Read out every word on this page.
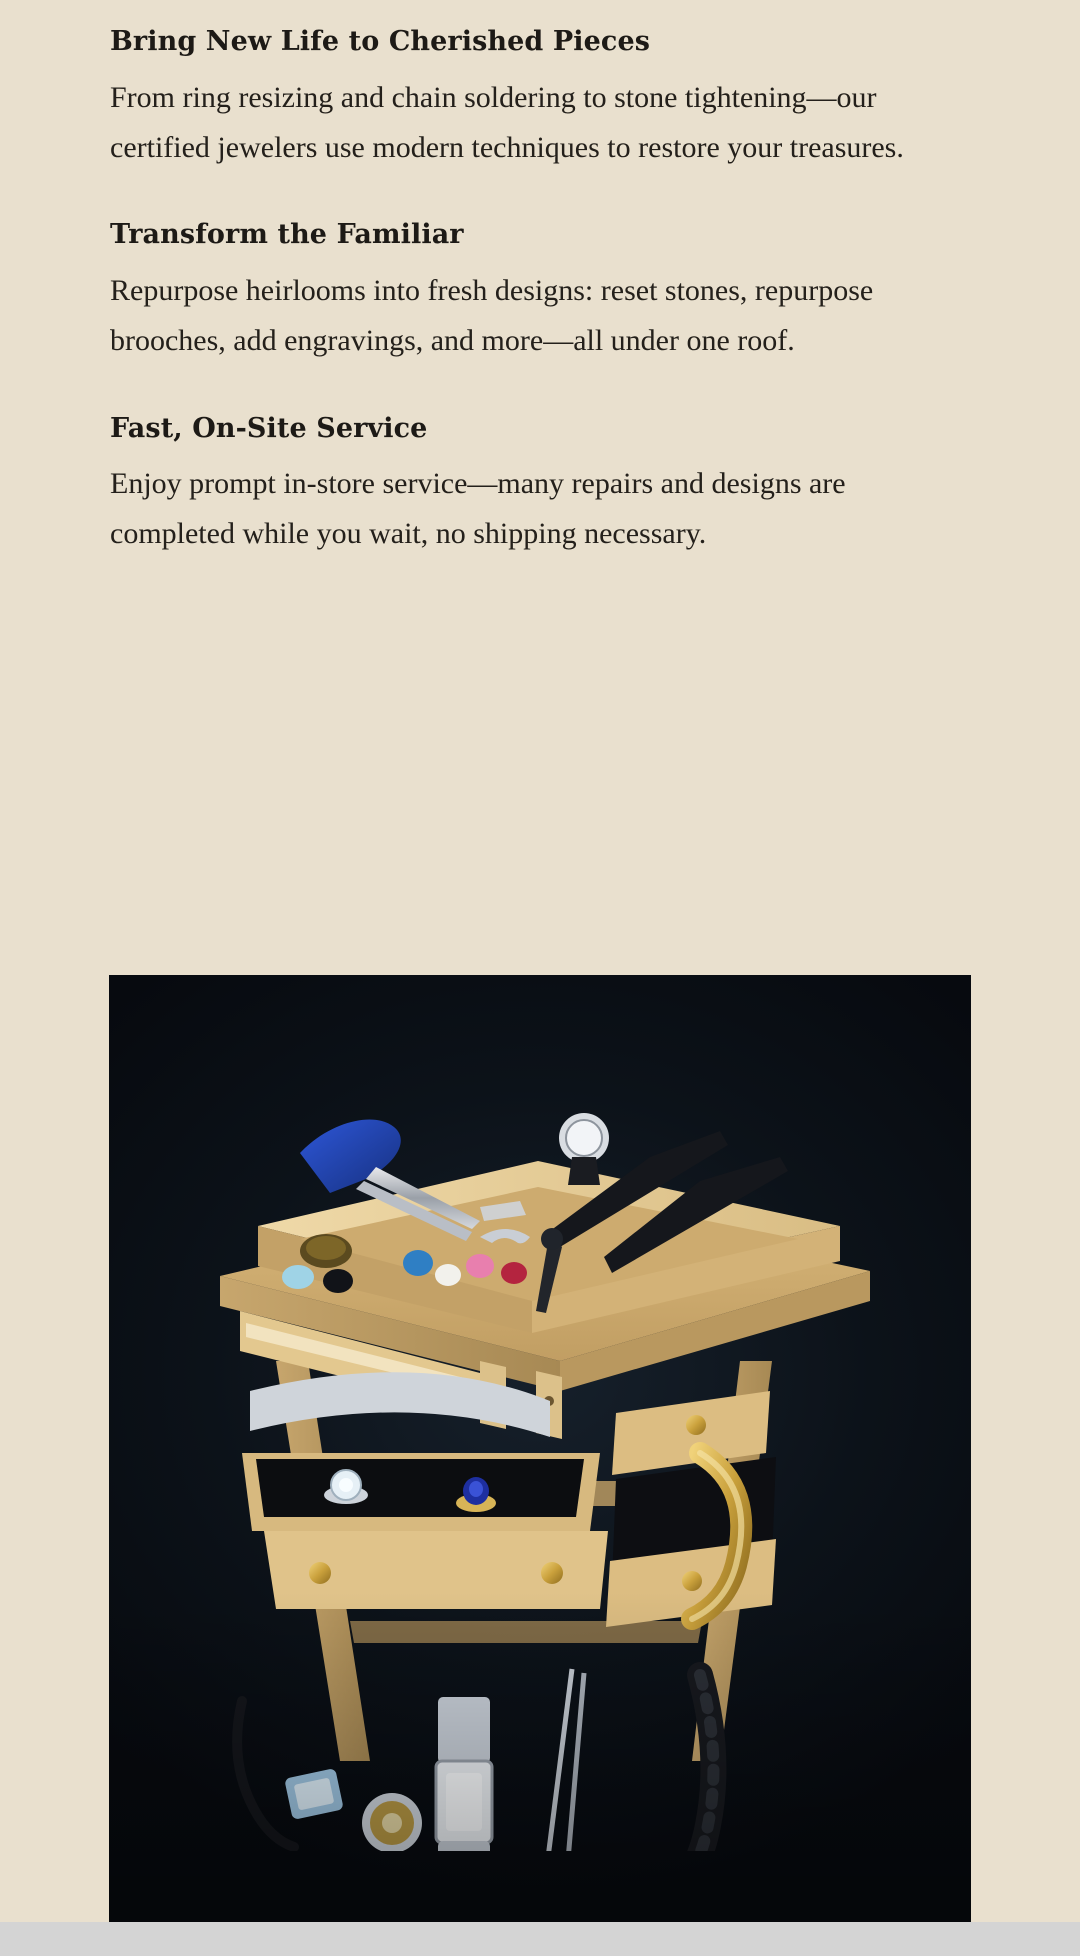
Bring New Life to Cherished Pieces

From ring resizing and chain soldering to stone tightening—our certified jewelers use modern techniques to restore your treasures.

Transform the Familiar

Repurpose heirlooms into fresh designs: reset stones, repurpose brooches, add engravings, and more—all under one roof.

Fast, On-Site Service

Enjoy prompt in-store service—many repairs and designs are completed while you wait, no shipping necessary.
